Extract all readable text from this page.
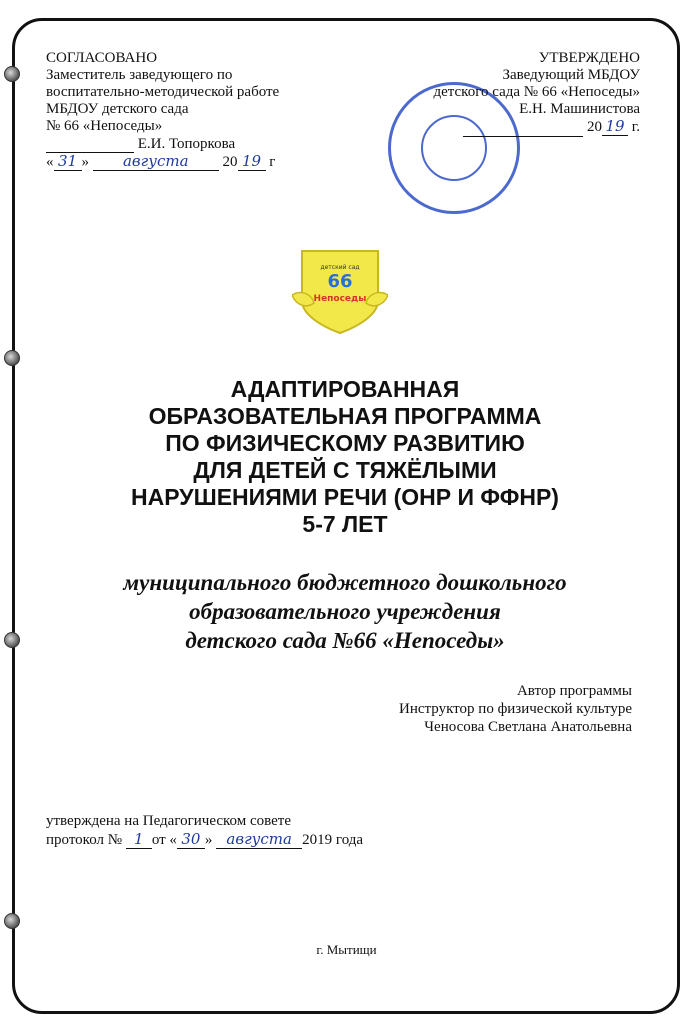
СОГЛАСОВАНО
Заместитель заведующего по
воспитательно-методической работе
МБДОУ детского сада
№ 66 «Непоседы»
Е.И. Топоркова
« 31 » августа 20 19 г
УТВЕРЖДЕНО
Заведующий МБДОУ
детского сада № 66 «Непоседы»
Е.Н. Машинистова
20 19 г.
66
детский сад
Непоседы
АДАПТИРОВАННАЯ
ОБРАЗОВАТЕЛЬНАЯ ПРОГРАММА
ПО ФИЗИЧЕСКОМУ РАЗВИТИЮ
ДЛЯ ДЕТЕЙ С ТЯЖЁЛЫМИ
НАРУШЕНИЯМИ РЕЧИ (ОНР И ФФНР)
5-7 ЛЕТ
муниципального бюджетного дошкольного
образовательного учреждения
детского сада №66 «Непоседы»
Автор программы
Инструктор по физической культуре
Ченосова Светлана Анатольевна
утверждена на Педагогическом совете
протокол № 1 от « 30 » августа 2019 года
г. Мытищи
